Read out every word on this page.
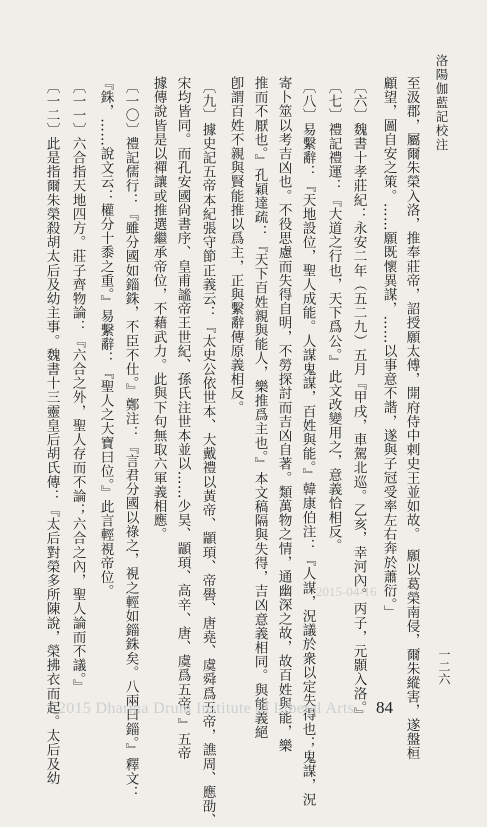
洛陽伽藍記校注
一二六
至汲郡，屬爾朱榮入洛，推奉莊帝，詔授願太傅，開府侍中剌史王並如故。　願以葛榮南侵，爾朱縱害，遂盤桓
顧望，圖自安之策。……願既懷異謀，……以事意不諧，遂與子冠受率左右奔於蕭衍。」
〔六〕魏書十孝莊紀：永安二年（五二九）五月『甲戌，車駕北巡。乙亥，幸河內。丙子，元顥入洛。』
〔七〕禮記禮運：『大道之行也，天下爲公。』此文改變用之，意義恰相反。
〔八〕易繫辭：『天地設位，聖人成能。人謀鬼謀，百姓與能。』韓康伯注：『人謀，況議於衆以定失得也；鬼謀，況
寄卜筮以考吉凶也。不役思慮而失得自明，不勞探討而吉凶自著。類萬物之情，通幽深之故，故百姓與能，樂
推而不厭也。』孔穎達疏：『天下百姓親與能人，樂推爲主也。』本文稿隔與失得，吉凶意義相同。與能義絕
卽謂百姓不親與賢能推以爲主，正與繫辭傳原義相反。
〔九〕據史記五帝本紀張守節正義云：『太史公依世本、大戴禮以黃帝、顓頊、帝嚳、唐堯、虞舜爲五帝，譙周、應劭、
宋均皆同。而孔安國尙書序、皇甫謐帝王世紀、孫氏注世本並以……少昊、顓頊、高辛、唐、虞爲五帝。』五帝
據傳說皆是以禪讓或推選繼承帝位，不藉武力。此與下句無取六軍義相應。
〔一〇〕禮記儒行：『雖分國如錙銖，不臣不仕。』鄭注：『言君分國以祿之，視之輕如錙銖矣。八兩曰錙。』釋文：
『銖，……說文云：權分十黍之重。』易繫辭：『聖人之大寶曰位。』此言輕視帝位。
〔一一〕六合指天地四方。莊子齊物論：『六合之外，聖人存而不論；六合之內，聖人論而不議。』
〔一二〕此是指爾朱榮殺胡太后及幼主事。魏書十三靈皇后胡氏傳：『太后對榮多所陳說，榮拂衣而起。太后及幼	2015-04-16
2015 Dharma Drum Institute of Liberal Arts 84
